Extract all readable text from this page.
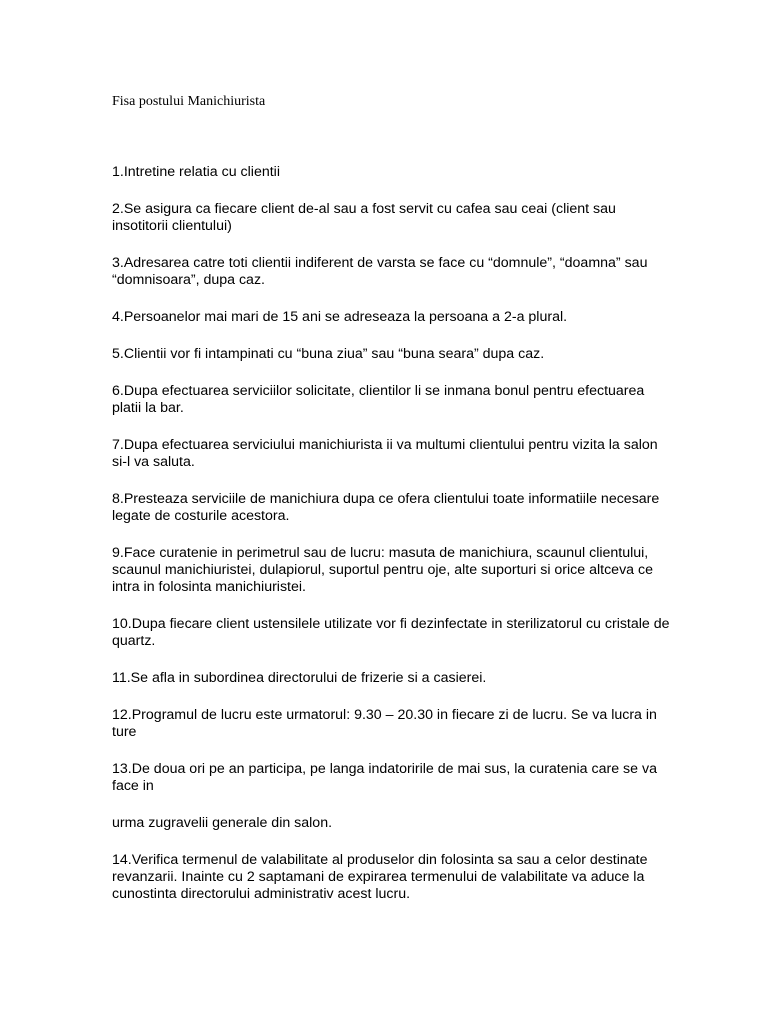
Fisa postului Manichiurista

1.Intretine relatia cu clientii

2.Se asigura ca fiecare client de-al sau a fost servit cu cafea sau ceai (client sau insotitorii clientului)

3.Adresarea catre toti clientii indiferent de varsta se face cu “domnule”, “doamna” sau “domnisoara”, dupa caz.

4.Persoanelor mai mari de 15 ani se adreseaza la persoana a 2-a plural.

5.Clientii vor fi intampinati cu “buna ziua” sau “buna seara” dupa caz.

6.Dupa efectuarea serviciilor solicitate, clientilor li se inmana bonul pentru efectuarea platii la bar.

7.Dupa efectuarea serviciului manichiurista ii va multumi clientului pentru vizita la salon si-l va saluta.

8.Presteaza serviciile de manichiura dupa ce ofera clientului toate informatiile necesare legate de costurile acestora.

9.Face curatenie in perimetrul sau de lucru: masuta de manichiura, scaunul clientului, scaunul manichiuristei, dulapiorul, suportul pentru oje, alte suporturi si orice altceva ce intra in folosinta manichiuristei.

10.Dupa fiecare client ustensilele utilizate vor fi dezinfectate in sterilizatorul cu cristale de quartz.

11.Se afla in subordinea directorului de frizerie si a casierei.

12.Programul de lucru este urmatorul: 9.30 – 20.30 in fiecare zi de lucru. Se va lucra in ture

13.De doua ori pe an participa, pe langa indatoririle de mai sus, la curatenia care se va face in

urma zugravelii generale din salon.

14.Verifica termenul de valabilitate al produselor din folosinta sa sau a celor destinate revanzarii. Inainte cu 2 saptamani de expirarea termenului de valabilitate va aduce la cunostinta directorului administrativ acest lucru.
